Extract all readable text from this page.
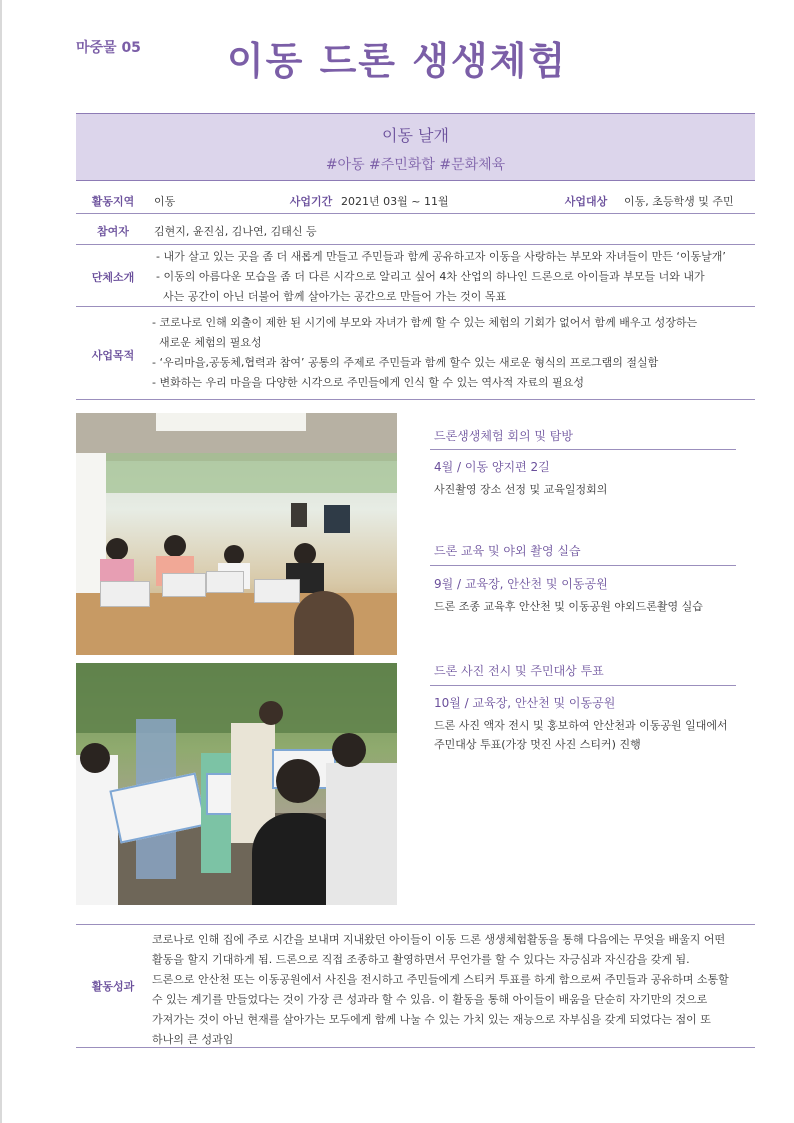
마중물 05	이동 드론 생생체험
이동 날개
#아동 #주민화합 #문화체육
활동지역	이동	사업기간 2021년 03월 ~ 11월	사업대상	이동, 초등학생 및 주민
참여자	김현지, 윤진심, 김나연, 김태신 등
단체소개
- 내가 살고 있는 곳을 좀 더 새롭게 만들고 주민들과 함께 공유하고자 이동을 사랑하는 부모와 자녀들이 만든 ‘이동날개’
- 이동의 아름다운 모습을 좀 더 다른 시각으로 알리고 싶어 4차 산업의 하나인 드론으로 아이들과 부모들 너와 내가
사는 공간이 아닌 더불어 함께 살아가는 공간으로 만들어 가는 것이 목표
사업목적
- 코로나로 인해 외출이 제한 된 시기에 부모와 자녀가 함께 할 수 있는 체험의 기회가 없어서 함께 배우고 성장하는
새로운 체험의 필요성
- ‘우리마을,공동체,협력과 참여’ 공통의 주제로 주민들과 함께 할수 있는 새로운 형식의 프로그램의 절실함
- 변화하는 우리 마을을 다양한 시각으로 주민들에게 인식 할 수 있는 역사적 자료의 필요성
드론생생체험 회의 및 탐방
4월 / 이동 양지편 2길
사진촬영 장소 선정 및 교육일정회의
드론 교육 및 야외 촬영 실습
9월 / 교육장, 안산천 및 이동공원
드론 조종 교육후 안산천 및 이동공원 야외드론촬영 실습
드론 사진 전시 및 주민대상 투표
10월 / 교육장, 안산천 및 이동공원
드론 사진 액자 전시 및 홍보하여 안산천과 이동공원 일대에서
주민대상 투표(가장 멋진 사진 스티커) 진행
활동성과
코로나로 인해 집에 주로 시간을 보내며 지내왔던 아이들이 이동 드론 생생체험활동을 통해 다음에는 무엇을 배울지 어떤
활동을 할지 기대하게 됨. 드론으로 직접 조종하고 촬영하면서 무언가를 할 수 있다는 자긍심과 자신감을 갖게 됨.
드론으로 안산천 또는 이동공원에서 사진을 전시하고 주민들에게 스티커 투표를 하게 함으로써 주민들과 공유하며 소통할
수 있는 계기를 만들었다는 것이 가장 큰 성과라 할 수 있음. 이 활동을 통해 아이들이 배움을 단순히 자기만의 것으로
가져가는 것이 아닌 현재를 살아가는 모두에게 함께 나눌 수 있는 가치 있는 재능으로 자부심을 갖게 되었다는 점이 또
하나의 큰 성과임
